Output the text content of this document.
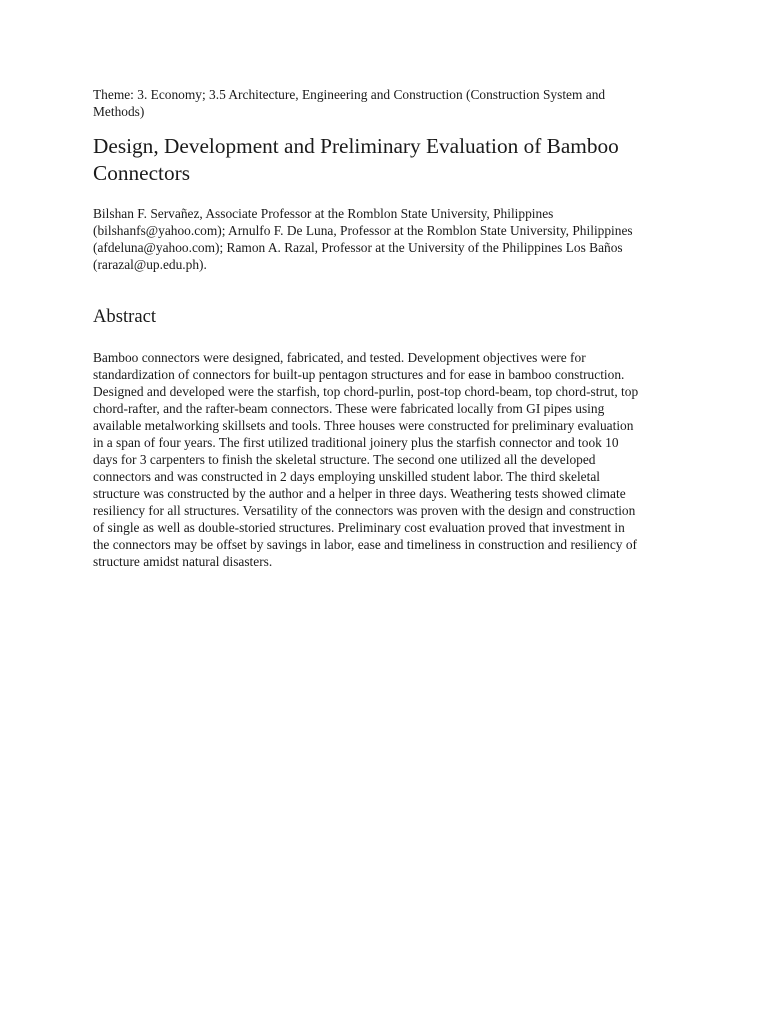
Theme: 3. Economy; 3.5 Architecture, Engineering and Construction (Construction System and Methods)
Design, Development and Preliminary Evaluation of Bamboo Connectors
Bilshan F. Servañez, Associate Professor at the Romblon State University, Philippines (bilshanfs@yahoo.com); Arnulfo F. De Luna, Professor at the Romblon State University, Philippines (afdeluna@yahoo.com); Ramon A. Razal, Professor at the University of the Philippines Los Baños (rarazal@up.edu.ph).
Abstract
Bamboo connectors were designed, fabricated, and tested. Development objectives were for
standardization of connectors for built-up pentagon structures and for ease in bamboo construction.
Designed and developed were the starfish, top chord-purlin, post-top chord-beam, top chord-strut, top
chord-rafter, and the rafter-beam connectors. These were fabricated locally from GI pipes using
available metalworking skillsets and tools. Three houses were constructed for preliminary evaluation
in a span of four years. The first utilized traditional joinery plus the starfish connector and took 10
days for 3 carpenters to finish the skeletal structure. The second one utilized all the developed
connectors and was constructed in 2 days employing unskilled student labor. The third skeletal
structure was constructed by the author and a helper in three days. Weathering tests showed climate
resiliency for all structures. Versatility of the connectors was proven with the design and construction
of single as well as double-storied structures. Preliminary cost evaluation proved that investment in
the connectors may be offset by savings in labor, ease and timeliness in construction and resiliency of
structure amidst natural disasters.
